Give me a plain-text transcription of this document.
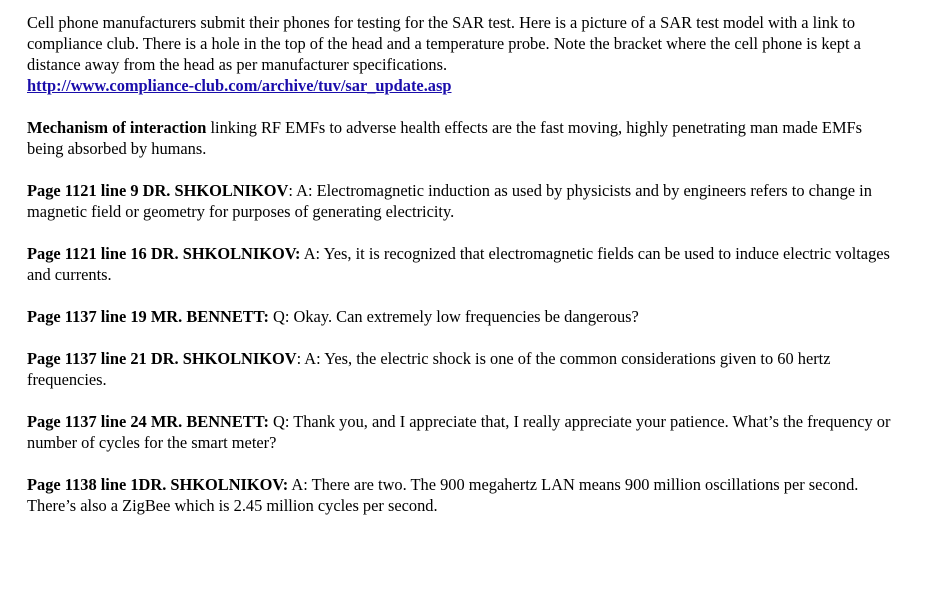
Cell phone manufacturers submit their phones for testing for the SAR test. Here is a picture of a SAR test model with a link to compliance club. There is a hole in the top of the head and a temperature probe. Note the bracket where the cell phone is kept a distance away from the head as per manufacturer specifications.
http://www.compliance-club.com/archive/tuv/sar_update.asp

Mechanism of interaction linking RF EMFs to adverse health effects are the fast moving, highly penetrating man made EMFs being absorbed by humans.

Page 1121 line 9 DR. SHKOLNIKOV: A: Electromagnetic induction as used by physicists and by engineers refers to change in magnetic field or geometry for purposes of generating electricity.

Page 1121 line 16 DR. SHKOLNIKOV: A: Yes, it is recognized that electromagnetic fields can be used to induce electric voltages and currents.

Page 1137 line 19 MR. BENNETT: Q: Okay. Can extremely low frequencies be dangerous?

Page 1137 line 21 DR. SHKOLNIKOV: A: Yes, the electric shock is one of the common considerations given to 60 hertz frequencies.

Page 1137 line 24 MR. BENNETT: Q: Thank you, and I appreciate that, I really appreciate your patience. What’s the frequency or number of cycles for the smart meter?

Page 1138 line 1DR. SHKOLNIKOV: A: There are two. The 900 megahertz LAN means 900 million oscillations per second. There’s also a ZigBee which is 2.45 million cycles per second.
